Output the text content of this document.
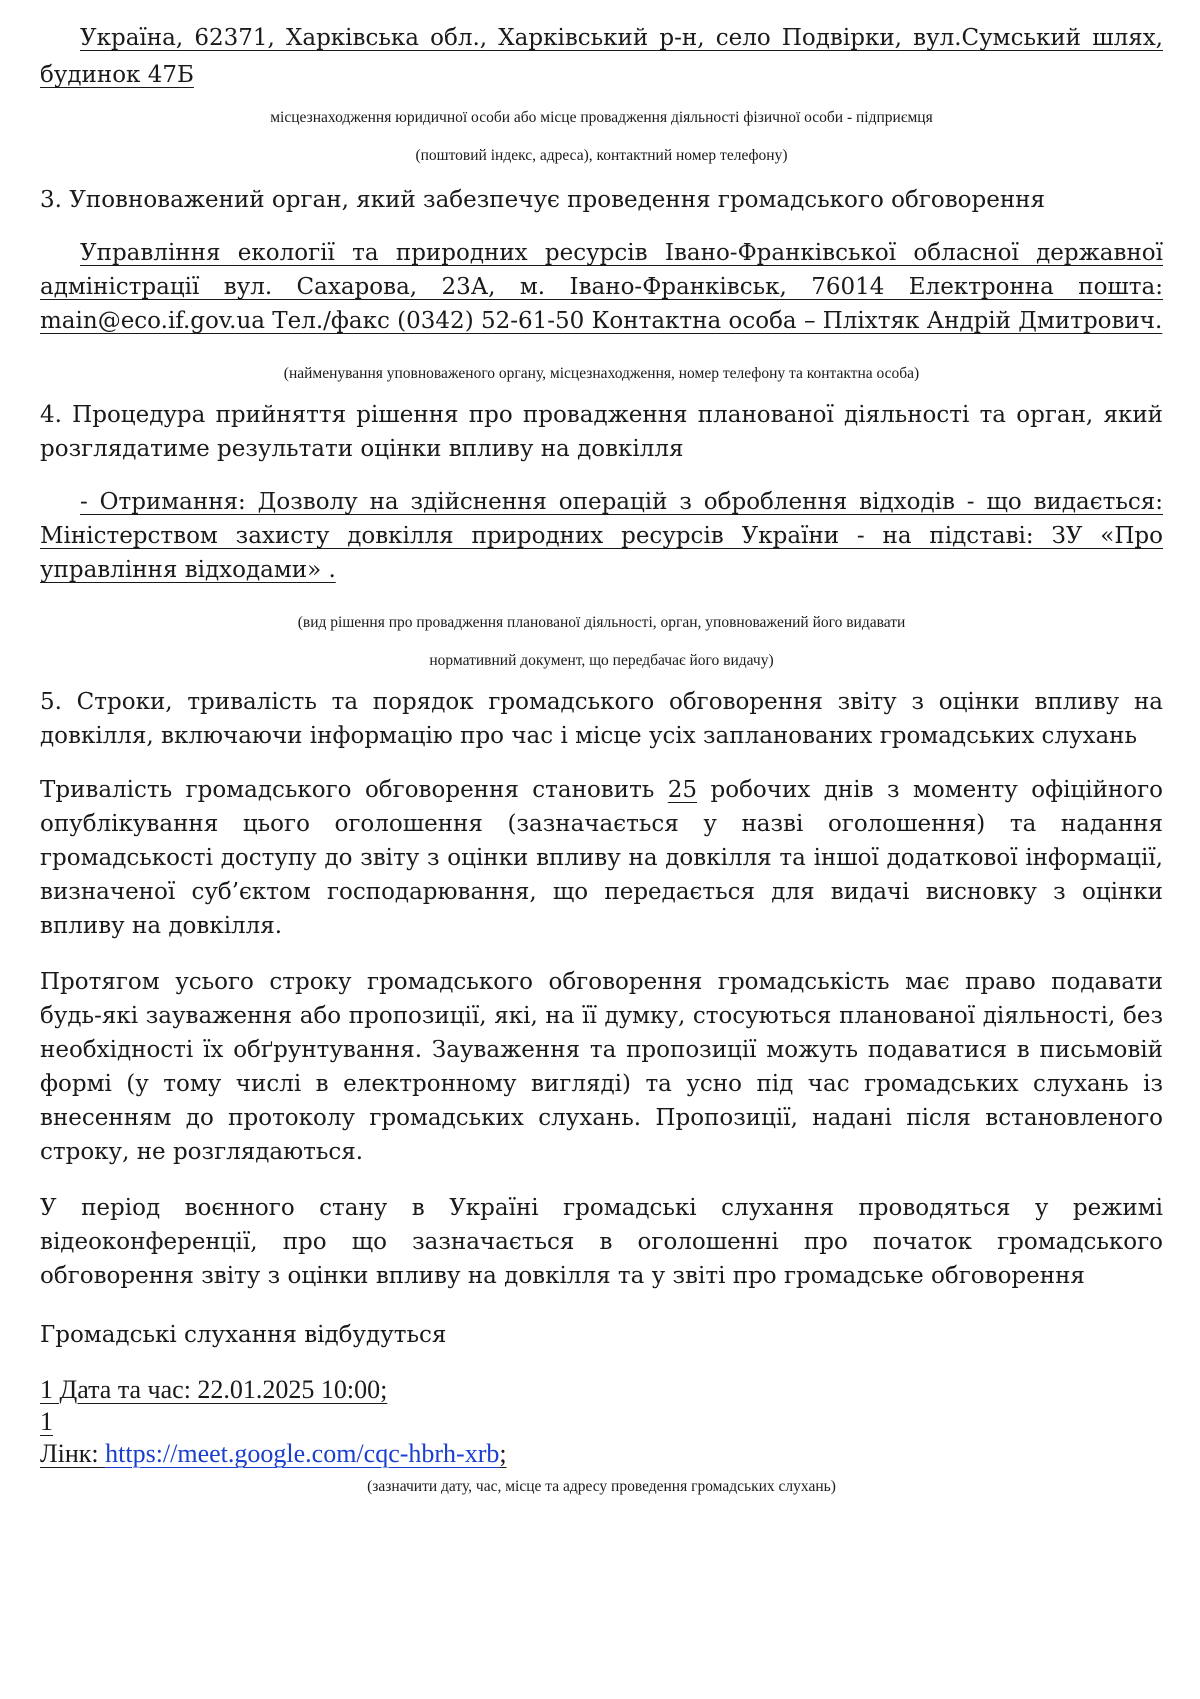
Україна, 62371, Харківська обл., Харківський р-н, село Подвірки, вул.Сумський шлях, будинок 47Б

місцезнаходження юридичної особи або місце провадження діяльності фізичної особи - підприємця

(поштовий індекс, адреса), контактний номер телефону)

3. Уповноважений орган, який забезпечує проведення громадського обговорення

Управління екології та природних ресурсів Івано-Франківської обласної державної адміністрації вул. Сахарова, 23А, м. Івано-Франківськ, 76014 Електронна пошта: main@eco.if.gov.ua Тел./факс (0342) 52-61-50 Контактна особа – Пліхтяк Андрій Дмитрович.

(найменування уповноваженого органу, місцезнаходження, номер телефону та контактна особа)

4. Процедура прийняття рішення про провадження планованої діяльності та орган, який розглядатиме результати оцінки впливу на довкілля

- Отримання: Дозволу на здійснення операцій з оброблення відходів - що видається: Міністерством захисту довкілля природних ресурсів України - на підставі: ЗУ «Про управління відходами» .

(вид рішення про провадження планованої діяльності, орган, уповноважений його видавати

нормативний документ, що передбачає його видачу)

5. Строки, тривалість та порядок громадського обговорення звіту з оцінки впливу на довкілля, включаючи інформацію про час і місце усіх запланованих громадських слухань

Тривалість громадського обговорення становить 25 робочих днів з моменту офіційного опублікування цього оголошення (зазначається у назві оголошення) та надання громадськості доступу до звіту з оцінки впливу на довкілля та іншої додаткової інформації, визначеної суб’єктом господарювання, що передається для видачі висновку з оцінки впливу на довкілля.

Протягом усього строку громадського обговорення громадськість має право подавати будь-які зауваження або пропозиції, які, на її думку, стосуються планованої діяльності, без необхідності їх обґрунтування. Зауваження та пропозиції можуть подаватися в письмовій формі (у тому числі в електронному вигляді) та усно під час громадських слухань із внесенням до протоколу громадських слухань. Пропозиції, надані після встановленого строку, не розглядаються.

У період воєнного стану в Україні громадські слухання проводяться у режимі відеоконференції, про що зазначається в оголошенні про початок громадського обговорення звіту з оцінки впливу на довкілля та у звіті про громадське обговорення

Громадські слухання відбудуться

1 Дата та час: 22.01.2025 10:00;
1
Лінк: https://meet.google.com/cqc-hbrh-xrb;

(зазначити дату, час, місце та адресу проведення громадських слухань)
